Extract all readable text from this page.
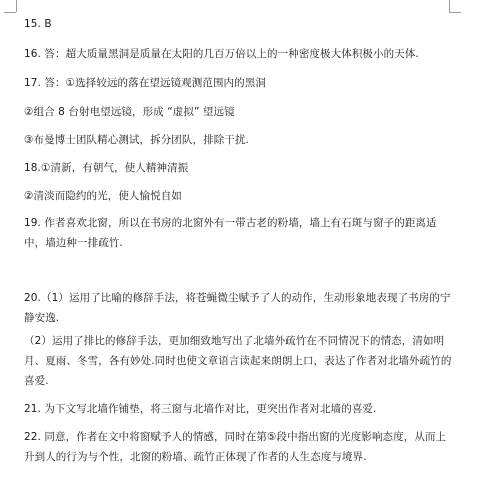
15. B
16. 答：超大质量黑洞是质量在太阳的几百万倍以上的一种密度极大体积极小的天体.
17. 答：①选择较远的落在望远镜观测范围内的黑洞
②组合 8 台射电望远镜，形成 “虚拟” 望远镜
③布曼博士团队精心测试，拆分团队，排除干扰.
18.①清新，有朝气，使人精神清振
②清淡而隐约的光，使人愉悦自如
19. 作者喜欢北窗，所以在书房的北窗外有一带古老的粉墙，墙上有石斑与窗子的距离适中，墙边种一排疏竹.
20.（1）运用了比喻的修辞手法，将苍蝇微尘赋予了人的动作，生动形象地表现了书房的宁静安逸.
（2）运用了排比的修辞手法，更加细致地写出了北墙外疏竹在不同情况下的情态，清如明月、夏雨、冬雪，各有妙处.同时也使文章语言读起来朗朗上口，表达了作者对北墙外疏竹的喜爱.
21. 为下文写北墙作铺垫，将三窗与北墙作对比，更突出作者对北墙的喜爱.
22. 同意，作者在文中将窗赋予人的情感，同时在第⑤段中指出窗的光度影响态度，从而上升到人的行为与个性，北窗的粉墙、疏竹正体现了作者的人生态度与境界.
